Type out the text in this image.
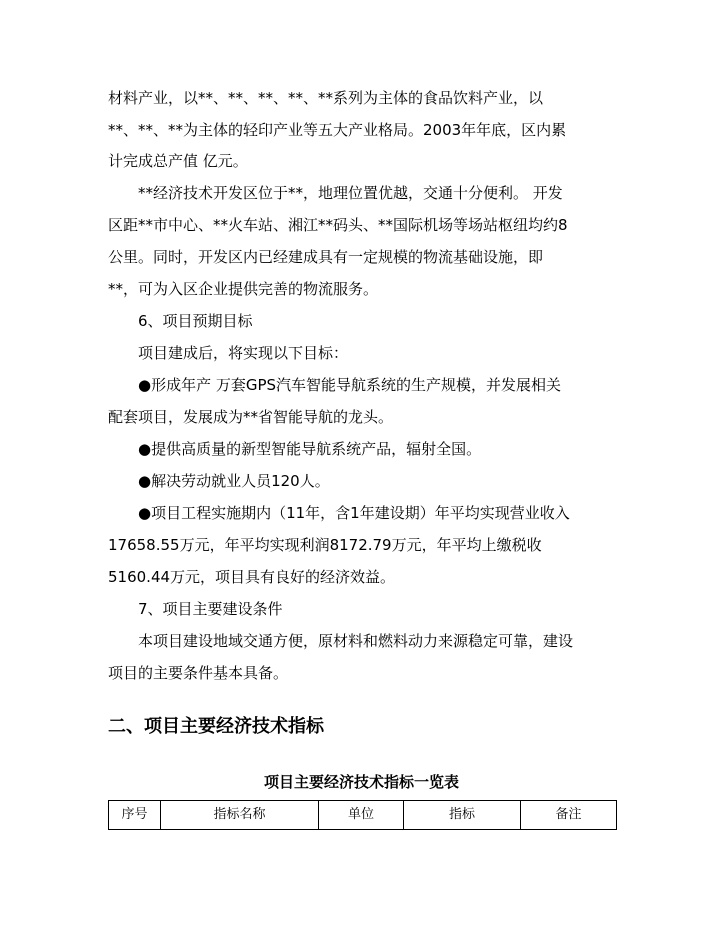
材料产业，以**、**、**、**、**系列为主体的食品饮料产业，以
**、**、**为主体的轻印产业等五大产业格局。2003年年底，区内累
计完成总产值 亿元。
**经济技术开发区位于**，地理位置优越，交通十分便利。 开发
区距**市中心、**火车站、湘江**码头、**国际机场等场站枢纽均约8
公里。同时，开发区内已经建成具有一定规模的物流基础设施，即
**，可为入区企业提供完善的物流服务。
6、项目预期目标
项目建成后，将实现以下目标：
●形成年产 万套GPS汽车智能导航系统的生产规模，并发展相关
配套项目，发展成为**省智能导航的龙头。
●提供高质量的新型智能导航系统产品，辐射全国。
●解决劳动就业人员120人。
●项目工程实施期内（11年，含1年建设期）年平均实现营业收入
17658.55万元，年平均实现利润8172.79万元，年平均上缴税收
5160.44万元，项目具有良好的经济效益。
7、项目主要建设条件
本项目建设地域交通方便，原材料和燃料动力来源稳定可靠，建设
项目的主要条件基本具备。
二、项目主要经济技术指标
项目主要经济技术指标一览表
序号	指标名称	单位	指标	备注
